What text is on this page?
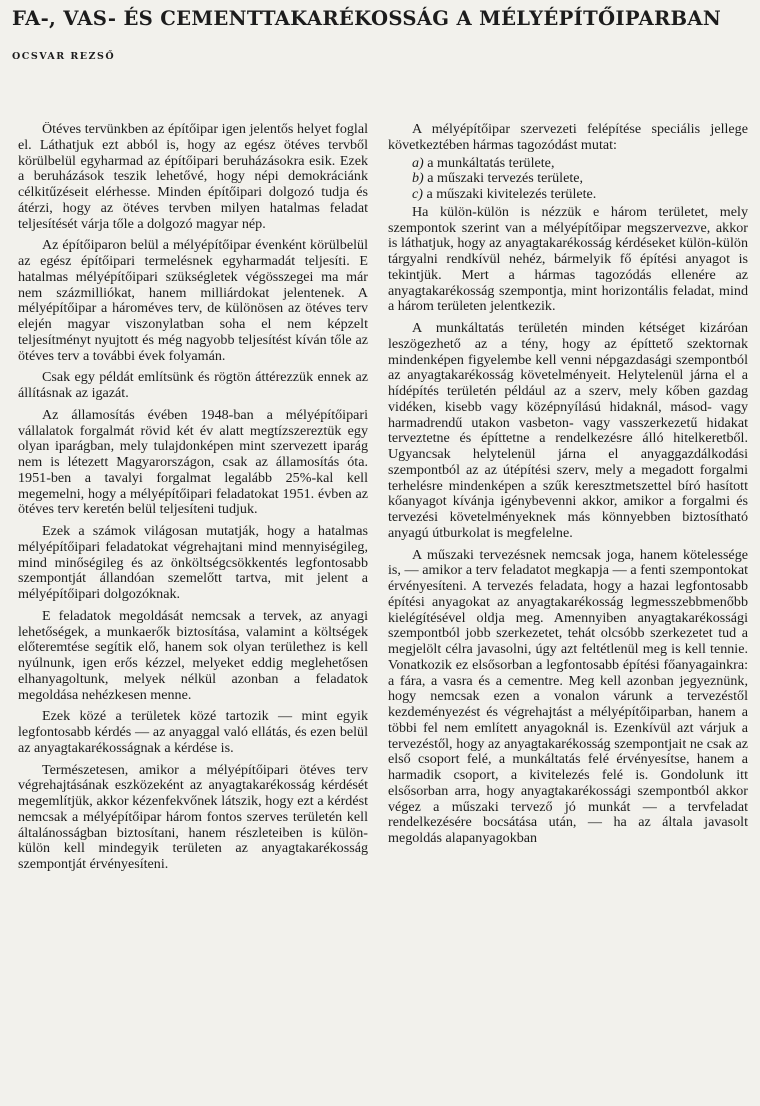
FA-, VAS- ÉS CEMENTTAKARÉKOSSÁG A MÉLYÉPÍTŐIPARBAN
OCSVAR REZSŐ

Ötéves tervünkben az építőipar igen jelentős helyet foglal el. Láthatjuk ezt abból is, hogy az egész ötéves tervből körülbelül egyharmad az építőipari beruházásokra esik. Ezek a beruházások teszik lehetővé, hogy népi demokráciánk célkitűzéseit elérhesse. Minden építőipari dolgozó tudja és átérzi, hogy az ötéves tervben milyen hatalmas feladat teljesítését várja tőle a dolgozó magyar nép.

Az építőiparon belül a mélyépítőipar évenként körülbelül az egész építőipari termelésnek egyharmadát teljesíti. E hatalmas mélyépítőipari szükségletek végösszegei ma már nem százmilliókat, hanem milliárdokat jelentenek. A mélyépítőipar a hároméves terv, de különösen az ötéves terv elején magyar viszonylatban soha el nem képzelt teljesítményt nyujtott és még nagyobb teljesítést kíván tőle az ötéves terv a további évek folyamán.

Csak egy példát említsünk és rögtön áttérezzük ennek az állításnak az igazát.

Az államosítás évében 1948-ban a mélyépítőipari vállalatok forgalmát rövid két év alatt megtízszereztük egy olyan iparágban, mely tulajdonképen mint szervezett iparág nem is létezett Magyarországon, csak az államosítás óta. 1951-ben a tavalyi forgalmat legalább 25%-kal kell megemelni, hogy a mélyépítőipari feladatokat 1951. évben az ötéves terv keretén belül teljesíteni tudjuk.

Ezek a számok világosan mutatják, hogy a hatalmas mélyépítőipari feladatokat végrehajtani mind mennyiségileg, mind minőségileg és az önköltségcsökkentés legfontosabb szempontját állandóan szemelőtt tartva, mit jelent a mélyépítőipari dolgozóknak.

E feladatok megoldását nemcsak a tervek, az anyagi lehetőségek, a munkaerők biztosítása, valamint a költségek előteremtése segítik elő, hanem sok olyan területhez is kell nyúlnunk, igen erős kézzel, melyeket eddig meglehetősen elhanyagoltunk, melyek nélkül azonban a feladatok megoldása nehézkesen menne.

Ezek közé a területek közé tartozik — mint egyik legfontosabb kérdés — az anyaggal való ellátás, és ezen belül az anyagtakarékosságnak a kérdése is.

Természetesen, amikor a mélyépítőipari ötéves terv végrehajtásának eszközeként az anyagtakarékosság kérdését megemlítjük, akkor kézenfekvőnek látszik, hogy ezt a kérdést nemcsak a mélyépítőipar három fontos szerves területén kell általánosságban biztosítani, hanem részleteiben is külön-külön kell mindegyik területen az anyagtakarékosság szempontját érvényesíteni.

A mélyépítőipar szervezeti felépítése speciális jellege következtében hármas tagozódást mutat:

a) a munkáltatás területe,
b) a műszaki tervezés területe,
c) a műszaki kivitelezés területe.

Ha külön-külön is nézzük e három területet, mely szempontok szerint van a mélyépítőipar megszervezve, akkor is láthatjuk, hogy az anyagtakarékosság kérdéseket külön-külön tárgyalni rendkívül nehéz, bármelyik fő építési anyagot is tekintjük. Mert a hármas tagozódás ellenére az anyagtakarékosság szempontja, mint horizontális feladat, mind a három területen jelentkezik.

A munkáltatás területén minden kétséget kizáróan leszögezhető az a tény, hogy az építtető szektornak mindenképen figyelembe kell venni népgazdasági szempontból az anyagtakarékosság követelményeit. Helytelenül járna el a hídépítés területén például az a szerv, mely kőben gazdag vidéken, kisebb vagy középnyílású hidaknál, másod- vagy harmadrendű utakon vasbeton- vagy vasszerkezetű hidakat terveztetne és építtetne a rendelkezésre álló hitelkeretből. Ugyancsak helytelenül járna el anyaggazdálkodási szempontból az az útépítési szerv, mely a megadott forgalmi terhelésre mindenképen a szűk keresztmetszettel bíró hasított kőanyagot kívánja igénybevenni akkor, amikor a forgalmi és tervezési követelményeknek más könnyebben biztosítható anyagú útburkolat is megfelelne.

A műszaki tervezésnek nemcsak joga, hanem kötelessége is, — amikor a terv feladatot megkapja — a fenti szempontokat érvényesíteni. A tervezés feladata, hogy a hazai legfontosabb építési anyagokat az anyagtakarékosság legmesszebbmenőbb kielégítésével oldja meg. Amennyiben anyagtakarékossági szempontból jobb szerkezetet, tehát olcsóbb szerkezetet tud a megjelölt célra javasolni, úgy azt feltétlenül meg is kell tennie. Vonatkozik ez elsősorban a legfontosabb építési főanyagainkra: a fára, a vasra és a cementre. Meg kell azonban jegyeznünk, hogy nemcsak ezen a vonalon várunk a tervezéstől kezdeményezést és végrehajtást a mélyépítőiparban, hanem a többi fel nem említett anyagoknál is. Ezenkívül azt várjuk a tervezéstől, hogy az anyagtakarékosság szempontjait ne csak az első csoport felé, a munkáltatás felé érvényesítse, hanem a harmadik csoport, a kivitelezés felé is. Gondolunk itt elsősorban arra, hogy anyagtakarékossági szempontból akkor végez a műszaki tervező jó munkát — a tervfeladat rendelkezésére bocsátása után, — ha az általa javasolt megoldás alapanyagokban
